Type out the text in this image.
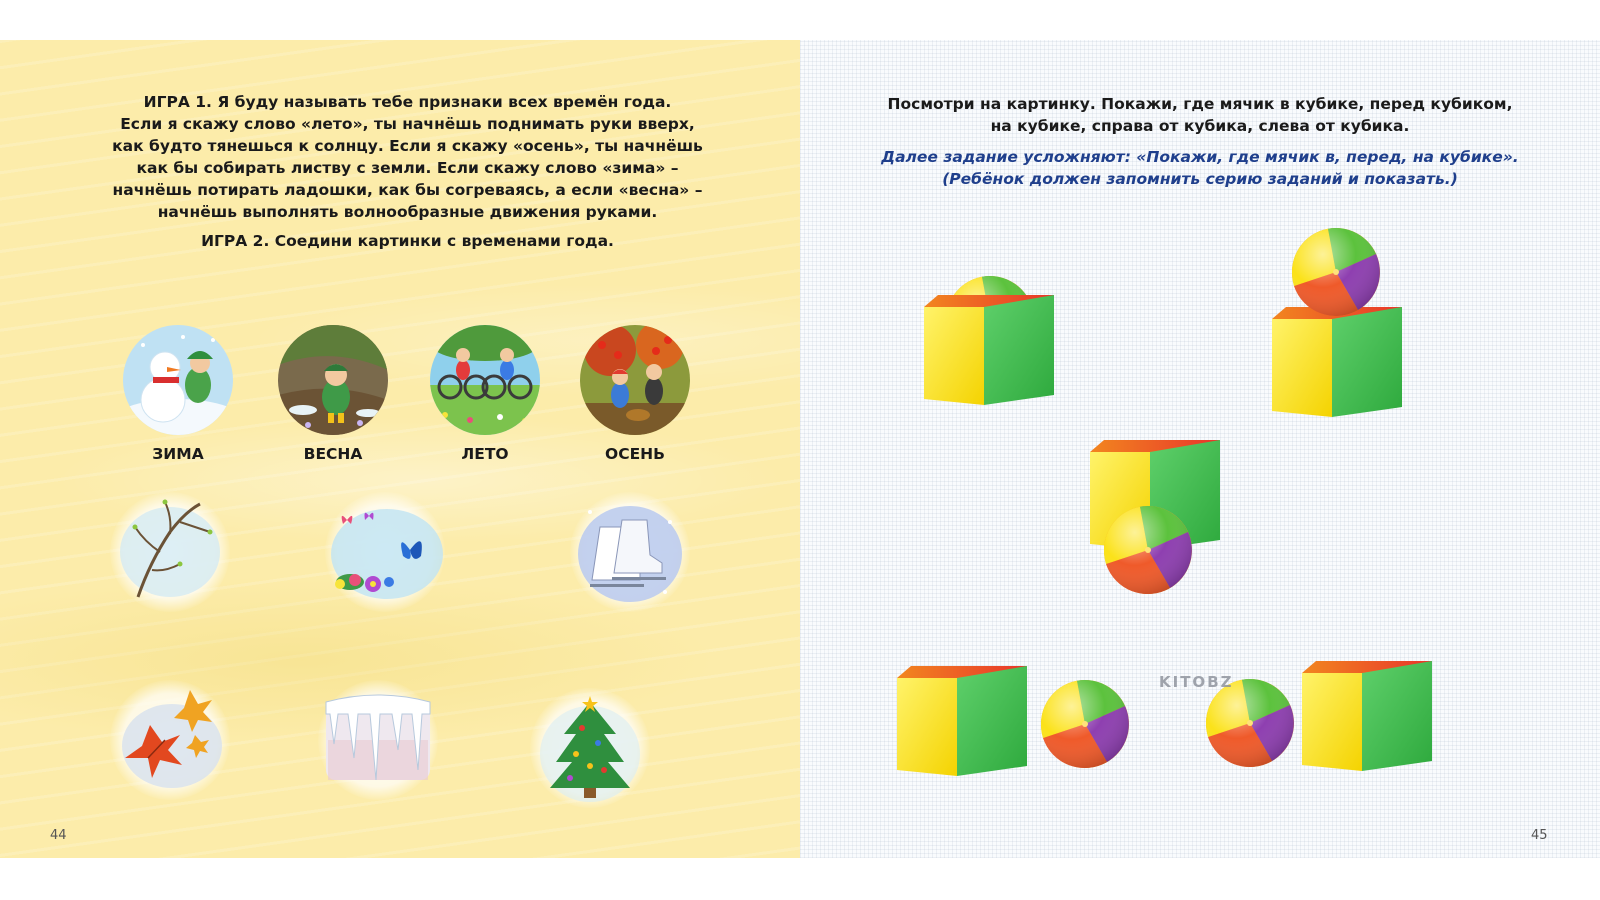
ИГРА 1. Я буду называть тебе признаки всех времён года.
Если я скажу слово «лето», ты начнёшь поднимать руки вверх,
как будто тянешься к солнцу. Если я скажу «осень», ты начнёшь
как бы собирать листву с земли. Если скажу слово «зима» –
начнёшь потирать ладошки, как бы согреваясь, а если «весна» –
начнёшь выполнять волнообразные движения руками.
ИГРА 2. Соедини картинки с временами года.
ЗИМА	ВЕСНА	ЛЕТО	ОСЕНЬ
44
Посмотри на картинку. Покажи, где мячик в кубике, перед кубиком,
на кубике, справа от кубика, слева от кубика.
Далее задание усложняют: «Покажи, где мячик в, перед, на кубике».
(Ребёнок должен запомнить серию заданий и показать.)
KITOBZ
45
